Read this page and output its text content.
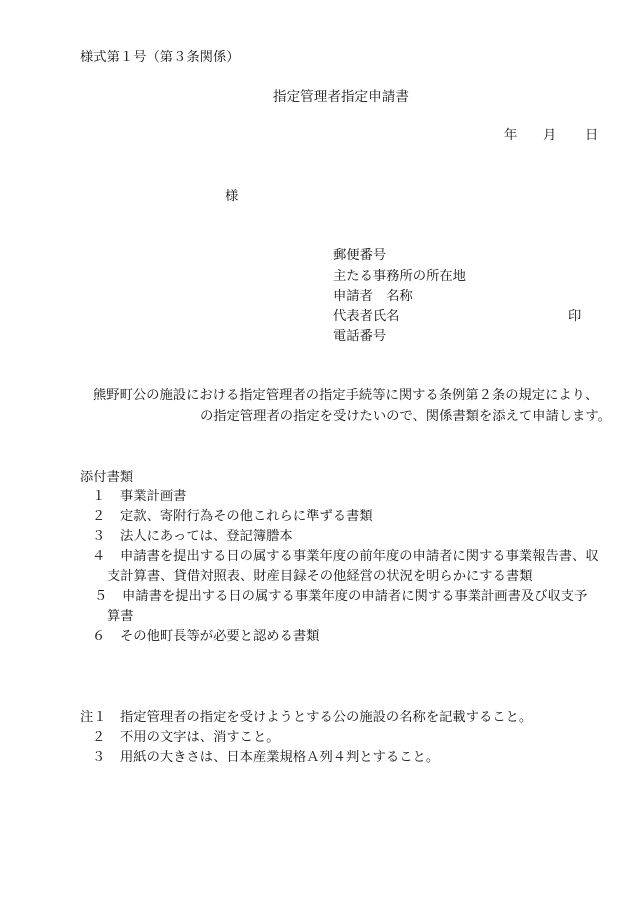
様式第１号（第３条関係）
指定管理者指定申請書
年 月 日
様
郵便番号
主たる事務所の所在地
申請者　名称
代表者氏名	印
電話番号
熊野町公の施設における指定管理者の指定手続等に関する条例第２条の規定により、
の指定管理者の指定を受けたいので、関係書類を添えて申請します。
添付書類
１ 事業計画書
２ 定款、寄附行為その他これらに準ずる書類
３ 法人にあっては、登記簿謄本
４ 申請書を提出する日の属する事業年度の前年度の申請者に関する事業報告書、収
支計算書、貸借対照表、財産目録その他経営の状況を明らかにする書類
５ 申請書を提出する日の属する事業年度の申請者に関する事業計画書及び収支予
算書
６ その他町長等が必要と認める書類
注１ 指定管理者の指定を受けようとする公の施設の名称を記載すること。
２ 不用の文字は、消すこと。
３ 用紙の大きさは、日本産業規格Ａ列４判とすること。
